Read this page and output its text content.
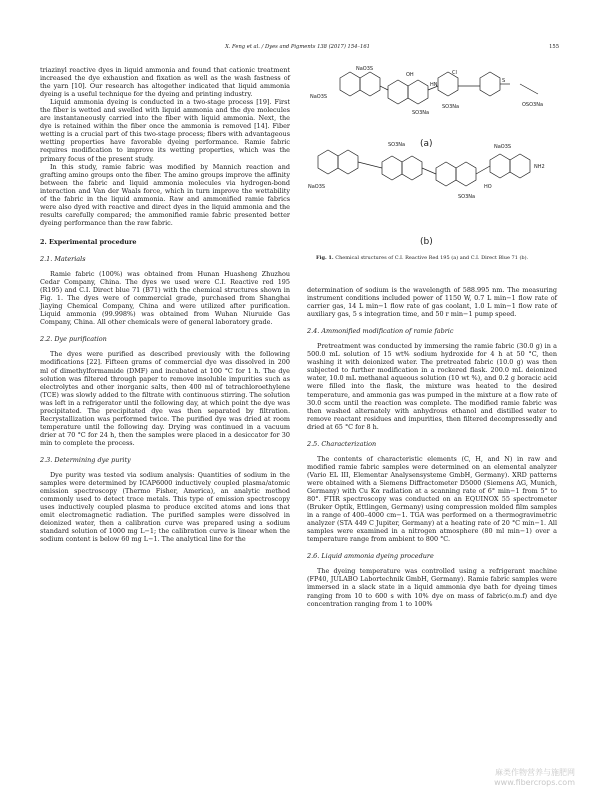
X. Feng et al. / Dyes and Pigments 138 (2017) 154–161	155

triazinyl reactive dyes in liquid ammonia and found that cationic treatment increased the dye exhaustion and fixation as well as the wash fastness of the yarn [10]. Our research has altogether indicated that liquid ammonia dyeing is a useful technique for the dyeing and printing industry.

Liquid ammonia dyeing is conducted in a two-stage process [19]. First the fiber is wetted and swelled with liquid ammonia and the dye molecules are instantaneously carried into the fiber with liquid ammonia. Next, the dye is retained within the fiber once the ammonia is removed [14]. Fiber wetting is a crucial part of this two-stage process; fibers with advantageous wetting properties have favorable dyeing performance. Ramie fabric requires modification to improve its wetting properties, which was the primary focus of the present study.

In this study, ramie fabric was modified by Mannich reaction and grafting amino groups onto the fiber. The amino groups improve the affinity between the fabric and liquid ammonia molecules via hydrogen-bond interaction and Van der Waals force, which in turn improve the wettability of the fabric in the liquid ammonia. Raw and ammonified ramie fabrics were also dyed with reactive and direct dyes in the liquid ammonia and the results carefully compared; the ammonified ramie fabric presented better dyeing performance than the raw fabric.

2. Experimental procedure
2.1. Materials

Ramie fabric (100%) was obtained from Hunan Huasheng Zhuzhou Cedar Company, China. The dyes we used were C.I. Reactive red 195 (R195) and C.I. Direct blue 71 (B71) with the chemical structures shown in Fig. 1. The dyes were of commercial grade, purchased from Shanghai Jiaying Chemical Company, China and were utilized after purification. Liquid ammonia (99.998%) was obtained from Wuhan Niuruide Gas Company, China. All other chemicals were of general laboratory grade.

2.2. Dye purification

The dyes were purified as described previously with the following modifications [22]. Fifteen grams of commercial dye was dissolved in 200 ml of dimethylformamide (DMF) and incubated at 100 °C for 1 h. The dye solution was filtered through paper to remove insoluble impurities such as electrolytes and other inorganic salts, then 400 ml of tetrachloroethylene (TCE) was slowly added to the filtrate with continuous stirring. The solution was left in a refrigerator until the following day, at which point the dye was precipitated. The precipitated dye was then separated by filtration. Recrystallization was performed twice. The purified dye was dried at room temperature until the following day. Drying was continued in a vacuum drier at 70 °C for 24 h, then the samples were placed in a desiccator for 30 min to complete the process.

2.3. Determining dye purity

Dye purity was tested via sodium analysis: Quantities of sodium in the samples were determined by ICAP6000 inductively coupled plasma/atomic emission spectroscopy (Thermo Fisher, America), an analytic method commonly used to detect trace metals. This type of emission spectroscopy uses inductively coupled plasma to produce excited atoms and ions that emit electromagnetic radiation. The purified samples were dissolved in deionized water, then a calibration curve was prepared using a sodium standard solution of 1000 mg L−1; the calibration curve is linear when the sodium content is below 60 mg L−1. The analytical line for the

NaO3S
NaO3S
SO3Na
SO3Na	OSO3Na
OH
HN
Cl
S
SO3Na
NaO3S
NaO3S
NH2
HO
SO3Na
(a)
(b)
Fig. 1. Chemical structures of C.I. Reactive Red 195 (a) and C.I. Direct Blue 71 (b).

determination of sodium is the wavelength of 588.995 nm. The measuring instrument conditions included power of 1150 W, 0.7 L min−1 flow rate of carrier gas, 14 L min−1 flow rate of gas coolant, 1.0 L min−1 flow rate of auxiliary gas, 5 s integration time, and 50 r min−1 pump speed.

2.4. Ammonified modification of ramie fabric

Pretreatment was conducted by immersing the ramie fabric (30.0 g) in a 500.0 mL solution of 15 wt% sodium hydroxide for 4 h at 50 °C, then washing it with deionized water. The pretreated fabric (10.0 g) was then subjected to further modification in a rockered flask. 200.0 mL deionized water, 10.0 mL methanal aqueous solution (10 wt %), and 0.2 g boracic acid were filled into the flask, the mixture was heated to the desired temperature, and ammonia gas was pumped in the mixture at a flow rate of 30.0 sccm until the reaction was complete. The modified ramie fabric was then washed alternately with anhydrous ethanol and distilled water to remove reactant residues and impurities, then filtered decompressedly and dried at 65 °C for 8 h.

2.5. Characterization

The contents of characteristic elements (C, H, and N) in raw and modified ramie fabric samples were determined on an elemental analyzer (Vario EL III, Elementar Analysensysteme GmbH, Germany). XRD patterns were obtained with a Siemens Diffractometer D5000 (Siemens AG, Munich, Germany) with Cu Kα radiation at a scanning rate of 6° min−1 from 5° to 80°. FTIR spectroscopy was conducted on an EQUINOX 55 spectrometer (Bruker Optik, Ettlingen, Germany) using compression molded film samples in a range of 400–4000 cm−1. TGA was performed on a thermogravimetric analyzer (STA 449 C Jupiter, Germany) at a heating rate of 20 °C min−1. All samples were examined in a nitrogen atmosphere (80 ml min−1) over a temperature range from ambient to 800 °C.

2.6. Liquid ammonia dyeing procedure

The dyeing temperature was controlled using a refrigerant machine (FP40, JULABO Labortechnik GmbH, Germany). Ramie fabric samples were immersed in a slack state in a liquid ammonia dye bath for dyeing times ranging from 10 to 600 s with 10% dye on mass of fabric(o.m.f) and dye concentration ranging from 1 to 100%

麻类作物营养与施肥网
www.fibercrops.com
